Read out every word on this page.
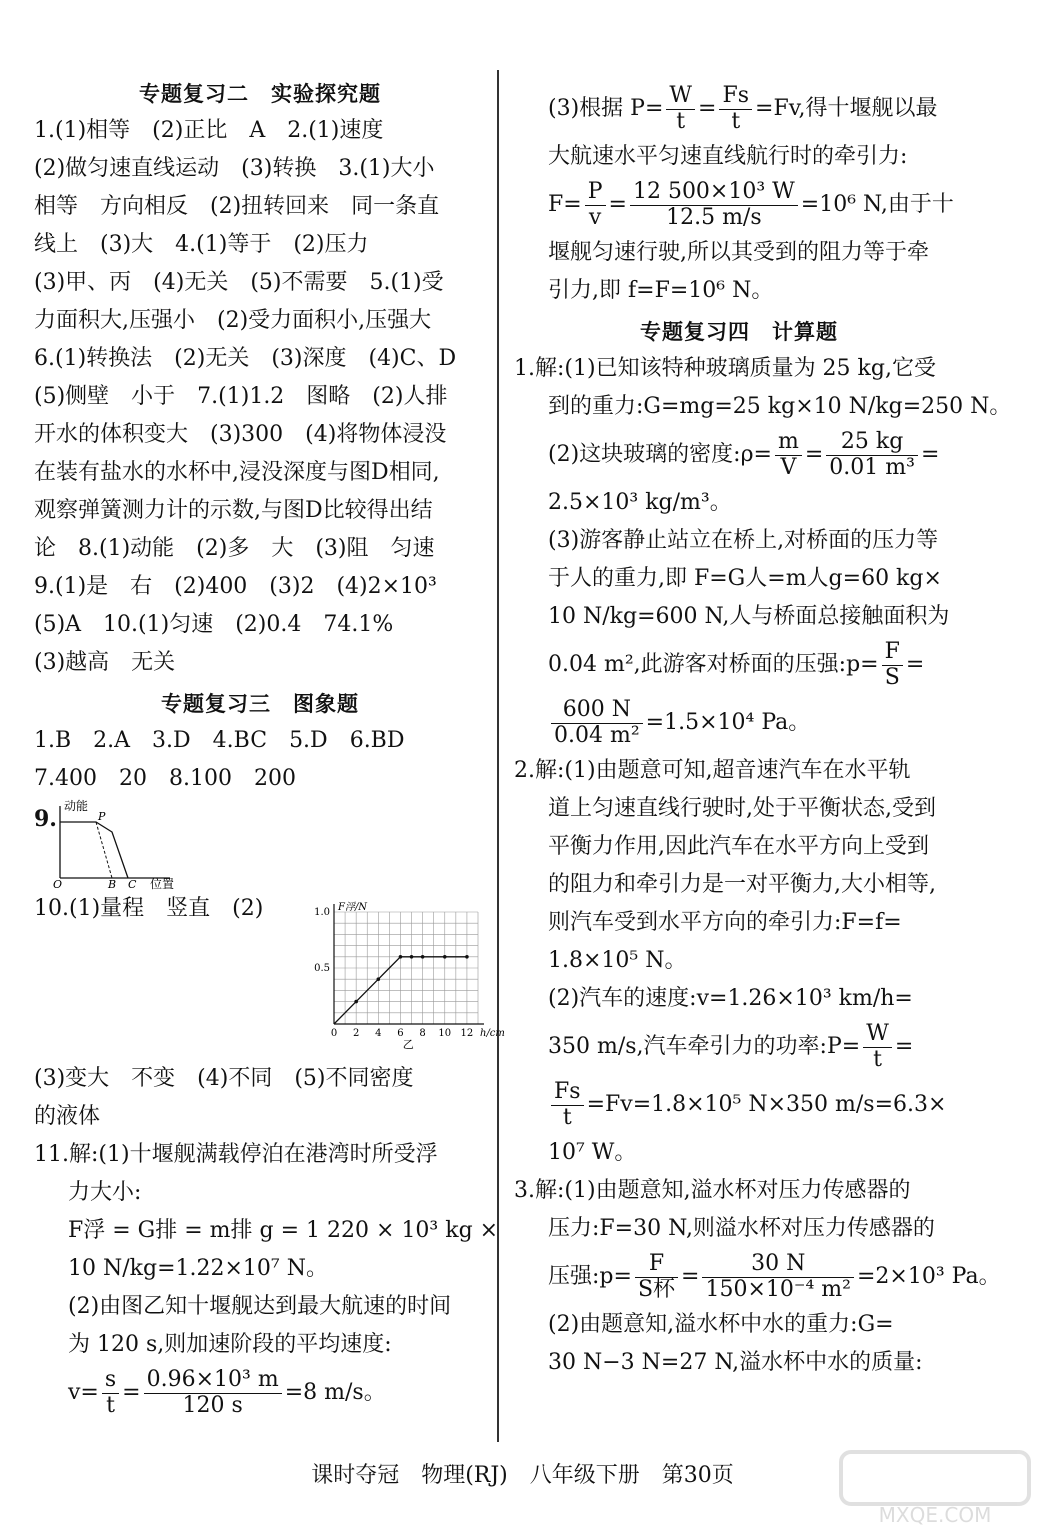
专题复习二　实验探究题
1.(1)相等　(2)正比　A　2.(1)速度
(2)做匀速直线运动　(3)转换　3.(1)大小
相等　方向相反　(2)扭转回来　同一条直
线上　(3)大　4.(1)等于　(2)压力
(3)甲、丙　(4)无关　(5)不需要　5.(1)受
力面积大,压强小　(2)受力面积小,压强大
6.(1)转换法　(2)无关　(3)深度　(4)C、D
(5)侧壁　小于　7.(1)1.2　图略　(2)人排
开水的体积变大　(3)300　(4)将物体浸没
在装有盐水的水杯中,浸没深度与图D相同,
观察弹簧测力计的示数,与图D比较得出结
论　8.(1)动能　(2)多　大　(3)阻　匀速
9.(1)是　右　(2)400　(3)2　(4)2×10³
(5)A　10.(1)匀速　(2)0.4　74.1%
(3)越高　无关
专题复习三　图象题
1.B　2.A　3.D　4.BC　5.D　6.BD
7.400　20　8.100　200
9. 动能
P
O	B C 位置
10.(1)量程　竖直　(2)
0 2 4 6 8 10 12
0.5
1.0
h/cm
F浮/N
乙
(3)变大　不变　(4)不同　(5)不同密度
的液体
11.解:(1)十堰舰满载停泊在港湾时所受浮
力大小:
F浮 = G排 = m排 g = 1 220 × 10³ kg ×
10 N/kg=1.22×10⁷ N。
(2)由图乙知十堰舰达到最大航速的时间
为 120 s,则加速阶段的平均速度:
$v= \frac{s}{t} = \frac{\text{0.96×10³ m}}{120 s} =8$ m/s。
(3)根据 $P= \frac{W}{t} = \frac{Fs}{t} =Fv$,得十堰舰以最
大航速水平匀速直线航行时的牵引力:
$F= \frac{P}{v} = \frac{\text{12 500×10³ W}}{12.5 m/s} =10^6$ N,由于十
堰舰匀速行驶,所以其受到的阻力等于牵
引力,即 f=F=10⁶ N。
专题复习四　计算题
1.解:(1)已知该特种玻璃质量为 25 kg,它受
到的重力:G=mg=25 kg×10 N/kg=250 N。
(2)这块玻璃的密度:ρ= $\frac{m}{V} = \frac{25 kg}{\text{0.01 m³}}$ =
2.5×10³ kg/m³。
(3)游客静止站立在桥上,对桥面的压力等
于人的重力,即 F=G人=m人g=60 kg×
10 N/kg=600 N,人与桥面总接触面积为
0.04 m²,此游客对桥面的压强:p= $\frac{F}{S}$ =
$\frac{600 N}{\text{0.04 m²}} =1.5\times 10^4$ Pa。
2.解:(1)由题意可知,超音速汽车在水平轨
道上匀速直线行驶时,处于平衡状态,受到
平衡力作用,因此汽车在水平方向上受到
的阻力和牵引力是一对平衡力,大小相等,
则汽车受到水平方向的牵引力:F=f=
1.8×10⁵ N。
(2)汽车的速度:v=1.26×10³ km/h=
350 m/s,汽车牵引力的功率:P= $\frac{W}{t}$ =
$\frac{Fs}{t} =Fv=1.8\times 10^5$ N×350 m/s=6.3×
10⁷ W。
3.解:(1)由题意知,溢水杯对压力传感器的
压力:F=30 N,则溢水杯对压力传感器的
压强:p= $\frac{F}{\text{S杯}} = \frac{30 N}{\text{150×10⁻⁴ m²}} =2\times 10^3$ Pa。
(2)由题意知,溢水杯中水的重力:G=
30 N−3 N=27 N,溢水杯中水的质量:
课时夺冠　物理(RJ)　八年级下册　第30页
MXQE.COM
